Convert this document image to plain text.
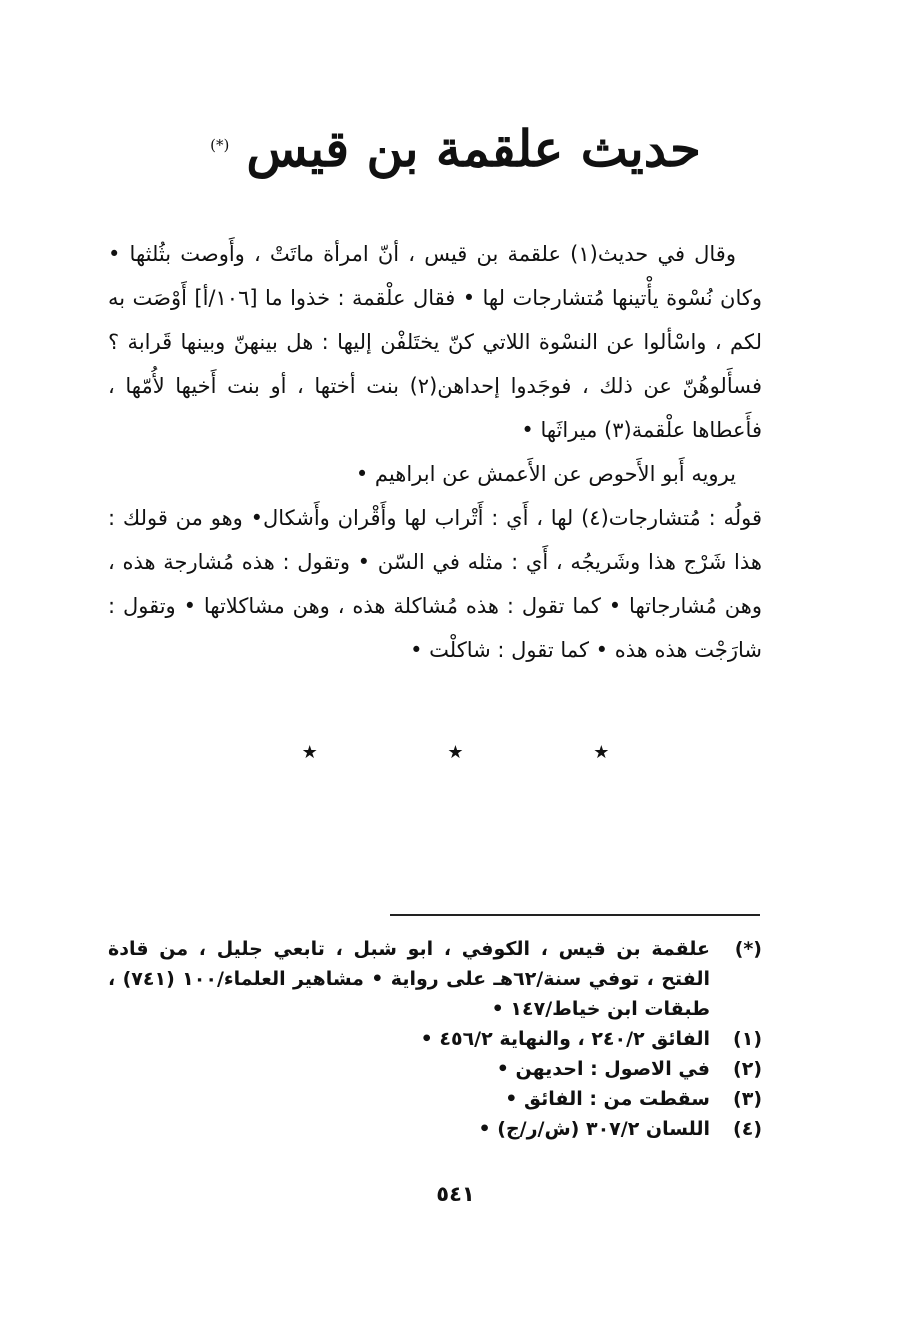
حديث علقمة بن قيس (*)

وقال في حديث(١) علقمة بن قيس ، أنّ امرأة ماتَتْ ، وأَوصت بثُلثها • وكان نُسْوة يأْتينها مُتشارجات لها • فقال علْقمة : خذوا ما [١٠٦/أ] أَوْصَت به لكم ، واسْألوا عن النسْوة اللاتي كنّ يختَلفْن إليها : هل بينهنّ وبينها قَرابة ؟ فسأَلوهُنّ عن ذلك ، فوجَدوا إحداهن(٢) بنت أختها ، أو بنت أَخيها لأُمّها ، فأَعطاها علْقمة(٣) ميراثَها •

يرويه أَبو الأَحوص عن الأَعمش عن ابراهيم •

قولُه : مُتشارجات(٤) لها ، أَي : أَتْراب لها وأَقْران وأَشكال• وهو من قولك : هذا شَرْج هذا وشَريجُه ، أَي : مثله في السّن • وتقول : هذه مُشارجة هذه ، وهن مُشارجاتها • كما تقول : هذه مُشاكلة هذه ، وهن مشاكلاتها • وتقول : شارَجْت هذه هذه • كما تقول : شاكلْت •

★ ★ ★
(*)
علقمة بن قيس ، الكوفي ، ابو شبل ، تابعي جليل ، من قادة الفتح ، توفي سنة/٦٢هـ على رواية • مشاهير العلماء/١٠٠ (٧٤١) ، طبقات ابن خياط/١٤٧ •
(١)
الفائق ٢٤٠/٢ ، والنهاية ٤٥٦/٢ •
(٢)
في الاصول : احديهن •
(٣)
سقطت من : الفائق •
(٤)
اللسان ٣٠٧/٢ (ش/ر/ج) •
٥٤١
